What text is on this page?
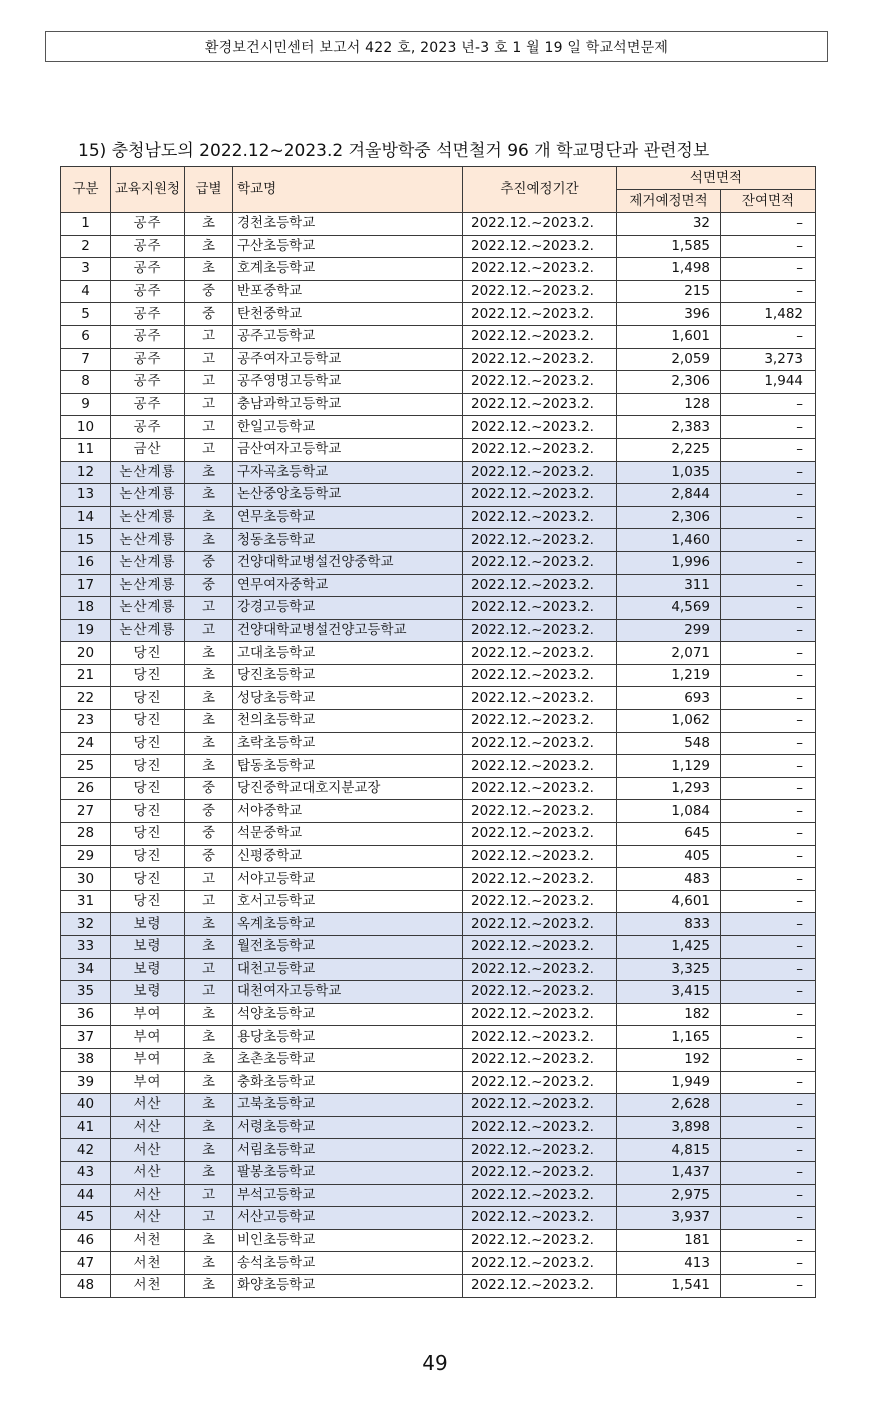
환경보건시민센터 보고서 422 호, 2023 년-3 호 1 월 19 일 학교석면문제
15) 충청남도의 2022.12~2023.2 겨울방학중 석면철거 96 개 학교명단과 관련정보
구분	교육지원청	급별	학교명	추진예정기간	석면면적	
					제거예정면적	잔여면적
1	공주	초	경천초등학교	2022.12.~2023.2.	32	–
2	공주	초	구산초등학교	2022.12.~2023.2.	1,585	–
3	공주	초	호계초등학교	2022.12.~2023.2.	1,498	–
4	공주	중	반포중학교	2022.12.~2023.2.	215	–
5	공주	중	탄천중학교	2022.12.~2023.2.	396	1,482
6	공주	고	공주고등학교	2022.12.~2023.2.	1,601	–
7	공주	고	공주여자고등학교	2022.12.~2023.2.	2,059	3,273
8	공주	고	공주영명고등학교	2022.12.~2023.2.	2,306	1,944
9	공주	고	충남과학고등학교	2022.12.~2023.2.	128	–
10	공주	고	한일고등학교	2022.12.~2023.2.	2,383	–
11	금산	고	금산여자고등학교	2022.12.~2023.2.	2,225	–
12	논산계룡	초	구자곡초등학교	2022.12.~2023.2.	1,035	–
13	논산계룡	초	논산중앙초등학교	2022.12.~2023.2.	2,844	–
14	논산계룡	초	연무초등학교	2022.12.~2023.2.	2,306	–
15	논산계룡	초	청동초등학교	2022.12.~2023.2.	1,460	–
16	논산계룡	중	건양대학교병설건양중학교	2022.12.~2023.2.	1,996	–
17	논산계룡	중	연무여자중학교	2022.12.~2023.2.	311	–
18	논산계룡	고	강경고등학교	2022.12.~2023.2.	4,569	–
19	논산계룡	고	건양대학교병설건양고등학교	2022.12.~2023.2.	299	–
20	당진	초	고대초등학교	2022.12.~2023.2.	2,071	–
21	당진	초	당진초등학교	2022.12.~2023.2.	1,219	–
22	당진	초	성당초등학교	2022.12.~2023.2.	693	–
23	당진	초	천의초등학교	2022.12.~2023.2.	1,062	–
24	당진	초	초락초등학교	2022.12.~2023.2.	548	–
25	당진	초	탑동초등학교	2022.12.~2023.2.	1,129	–
26	당진	중	당진중학교대호지분교장	2022.12.~2023.2.	1,293	–
27	당진	중	서야중학교	2022.12.~2023.2.	1,084	–
28	당진	중	석문중학교	2022.12.~2023.2.	645	–
29	당진	중	신평중학교	2022.12.~2023.2.	405	–
30	당진	고	서야고등학교	2022.12.~2023.2.	483	–
31	당진	고	호서고등학교	2022.12.~2023.2.	4,601	–
32	보령	초	옥계초등학교	2022.12.~2023.2.	833	–
33	보령	초	월전초등학교	2022.12.~2023.2.	1,425	–
34	보령	고	대천고등학교	2022.12.~2023.2.	3,325	–
35	보령	고	대천여자고등학교	2022.12.~2023.2.	3,415	–
36	부여	초	석양초등학교	2022.12.~2023.2.	182	–
37	부여	초	용당초등학교	2022.12.~2023.2.	1,165	–
38	부여	초	초촌초등학교	2022.12.~2023.2.	192	–
39	부여	초	충화초등학교	2022.12.~2023.2.	1,949	–
40	서산	초	고북초등학교	2022.12.~2023.2.	2,628	–
41	서산	초	서령초등학교	2022.12.~2023.2.	3,898	–
42	서산	초	서림초등학교	2022.12.~2023.2.	4,815	–
43	서산	초	팔봉초등학교	2022.12.~2023.2.	1,437	–
44	서산	고	부석고등학교	2022.12.~2023.2.	2,975	–
45	서산	고	서산고등학교	2022.12.~2023.2.	3,937	–
46	서천	초	비인초등학교	2022.12.~2023.2.	181	–
47	서천	초	송석초등학교	2022.12.~2023.2.	413	–
48	서천	초	화양초등학교	2022.12.~2023.2.	1,541	–
49
